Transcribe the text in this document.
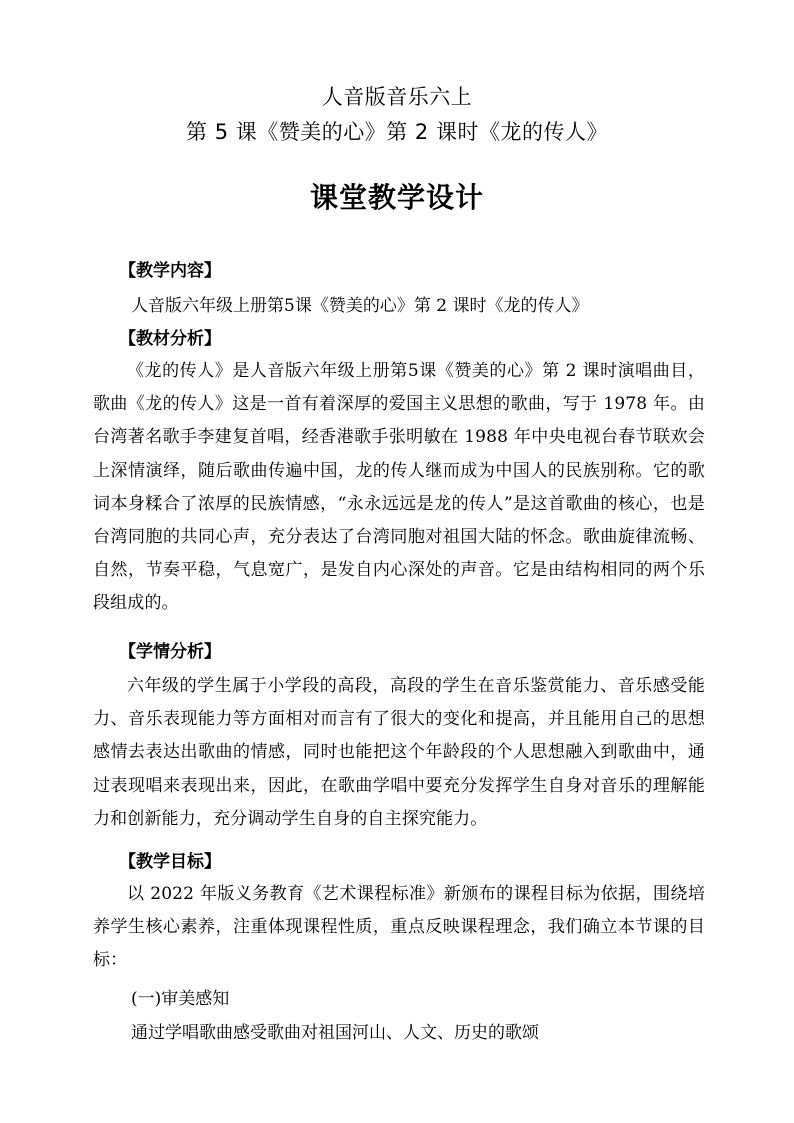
人音版音乐六上
第 5 课《赞美的心》第 2 课时《龙的传人》
课堂教学设计
【教学内容】
人音版六年级上册第5课《赞美的心》第 2 课时《龙的传人》
【教材分析】

《龙的传人》是人音版六年级上册第5课《赞美的心》第 2 课时演唱曲目，歌曲《龙的传人》这是一首有着深厚的爱国主义思想的歌曲，写于 1978 年。由台湾著名歌手李建复首唱，经香港歌手张明敏在 1988 年中央电视台春节联欢会上深情演绎，随后歌曲传遍中国，龙的传人继而成为中国人的民族别称。它的歌词本身糅合了浓厚的民族情感，“永永远远是龙的传人”是这首歌曲的核心，也是台湾同胞的共同心声，充分表达了台湾同胞对祖国大陆的怀念。歌曲旋律流畅、自然，节奏平稳，气息宽广，是发自内心深处的声音。它是由结构相同的两个乐段组成的。

【学情分析】

六年级的学生属于小学段的高段，高段的学生在音乐鉴赏能力、音乐感受能力、音乐表现能力等方面相对而言有了很大的变化和提高，并且能用自己的思想感情去表达出歌曲的情感，同时也能把这个年龄段的个人思想融入到歌曲中，通过表现唱来表现出来，因此，在歌曲学唱中要充分发挥学生自身对音乐的理解能力和创新能力，充分调动学生自身的自主探究能力。

【教学目标】

以 2022 年版义务教育《艺术课程标准》新颁布的课程目标为依据，围绕培养学生核心素养，注重体现课程性质，重点反映课程理念，我们确立本节课的目标：

(一)审美感知
通过学唱歌曲感受歌曲对祖国河山、人文、历史的歌颂
